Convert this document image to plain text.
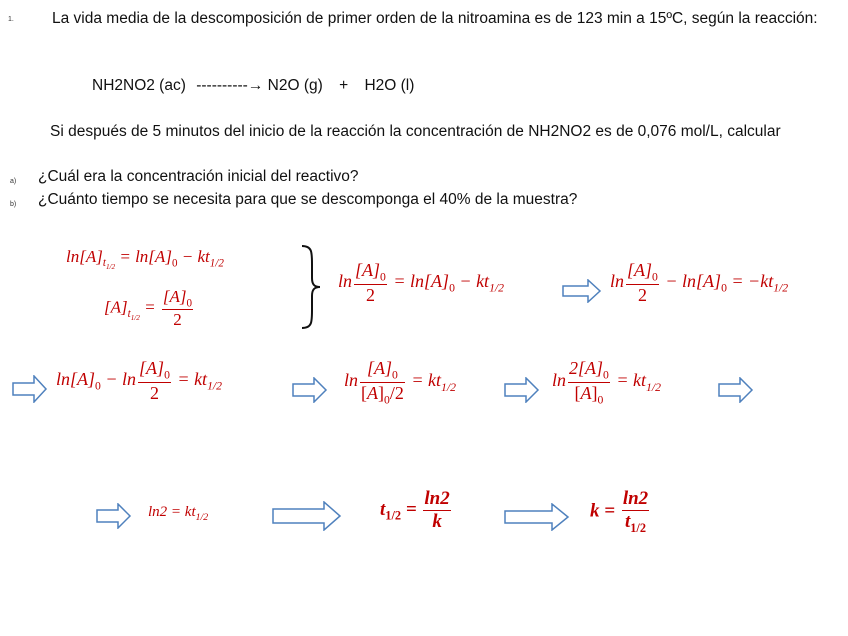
1. La vida media de la descomposición de primer orden de la nitroamina es de 123 min a 15ºC, según la reacción:
NH2NO2 (ac) ----------→ N2O (g) + H2O (l)
Si después de 5 minutos del inicio de la reacción la concentración de NH2NO2 es de 0,076 mol/L, calcular
a) ¿Cuál era la concentración inicial del reactivo?
b) ¿Cuánto tiempo se necesita para que se descomponga el 40% de la muestra?
$\ln[A]_{t_{1/2}} = \ln[A]_0 - kt_{1/2}$
$[A]_{t_{1/2}} = \frac{[A]_0}{2}$
$\ln \frac{[A]_0}{2} = \ln[A]_0 - kt_{1/2}$	$\ln \frac{[A]_0}{2} - \ln[A]_0 = -kt_{1/2}$
$\ln[A]_0 - \ln \frac{[A]_0}{2} = kt_{1/2}$	$\ln \frac{[A]_0}{[A]_0/2} = kt_{1/2}$	$\ln \frac{2[A]_0}{[A]_0} = kt_{1/2}$
$\ln 2 = kt_{1/2}$	$t_{1/2} = \frac{\ln 2}{k}$	$k = \frac{\ln 2}{t_{1/2}}$
